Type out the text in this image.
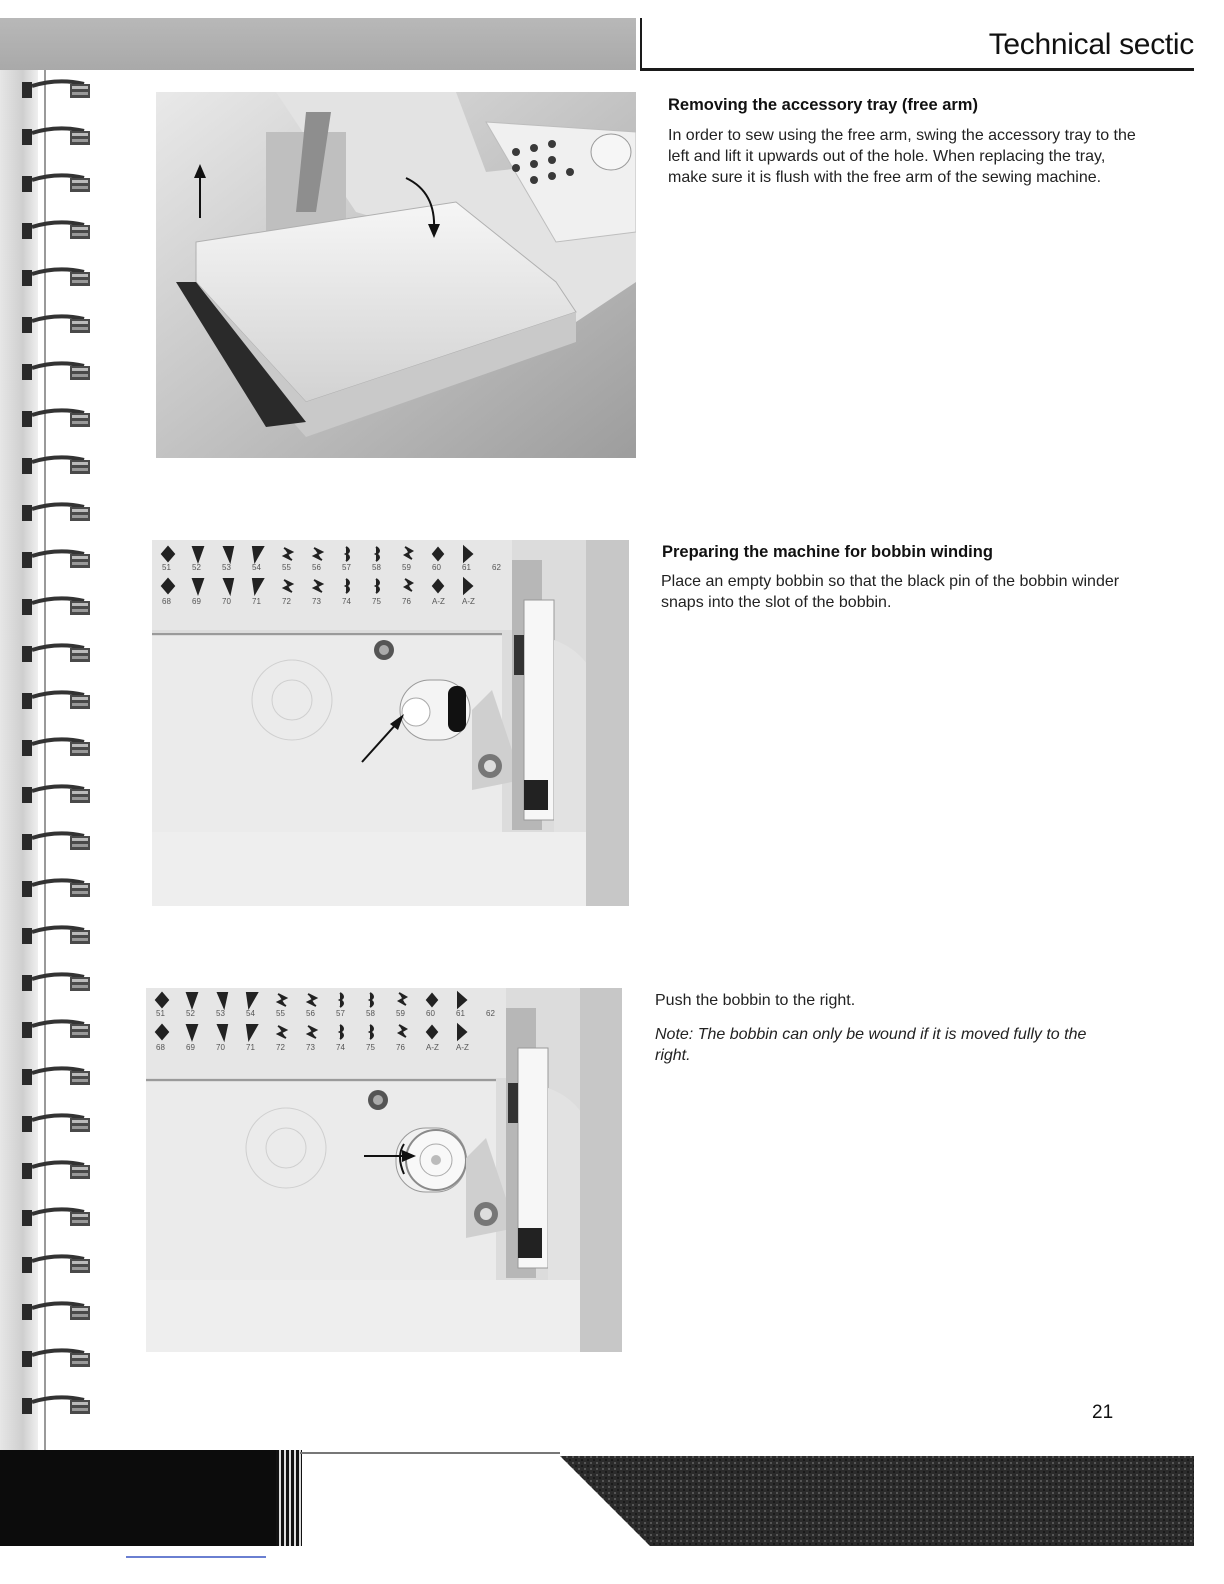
Technical sectic
51	52	53	54	55	56	57	58	59	60	61	62
68	69	70	71	72	73	74	75	76	A-Z A-Z
51	52	53	54	55	56	57	58	59	60	61	62
68	69	70	71	72	73	74	75	76	A-Z A-Z
Removing the accessory tray (free arm)
In order to sew using the free arm, swing the accessory tray to the left and lift it upwards out of the hole. When replacing the tray, make sure it is flush with the free arm of the sewing machine.
Preparing the machine for bobbin winding
Place an empty bobbin so that the black pin of the bobbin winder snaps into the slot of the bobbin.
Push the bobbin to the right.
Note: The bobbin can only be wound if it is moved fully to the right.
21
